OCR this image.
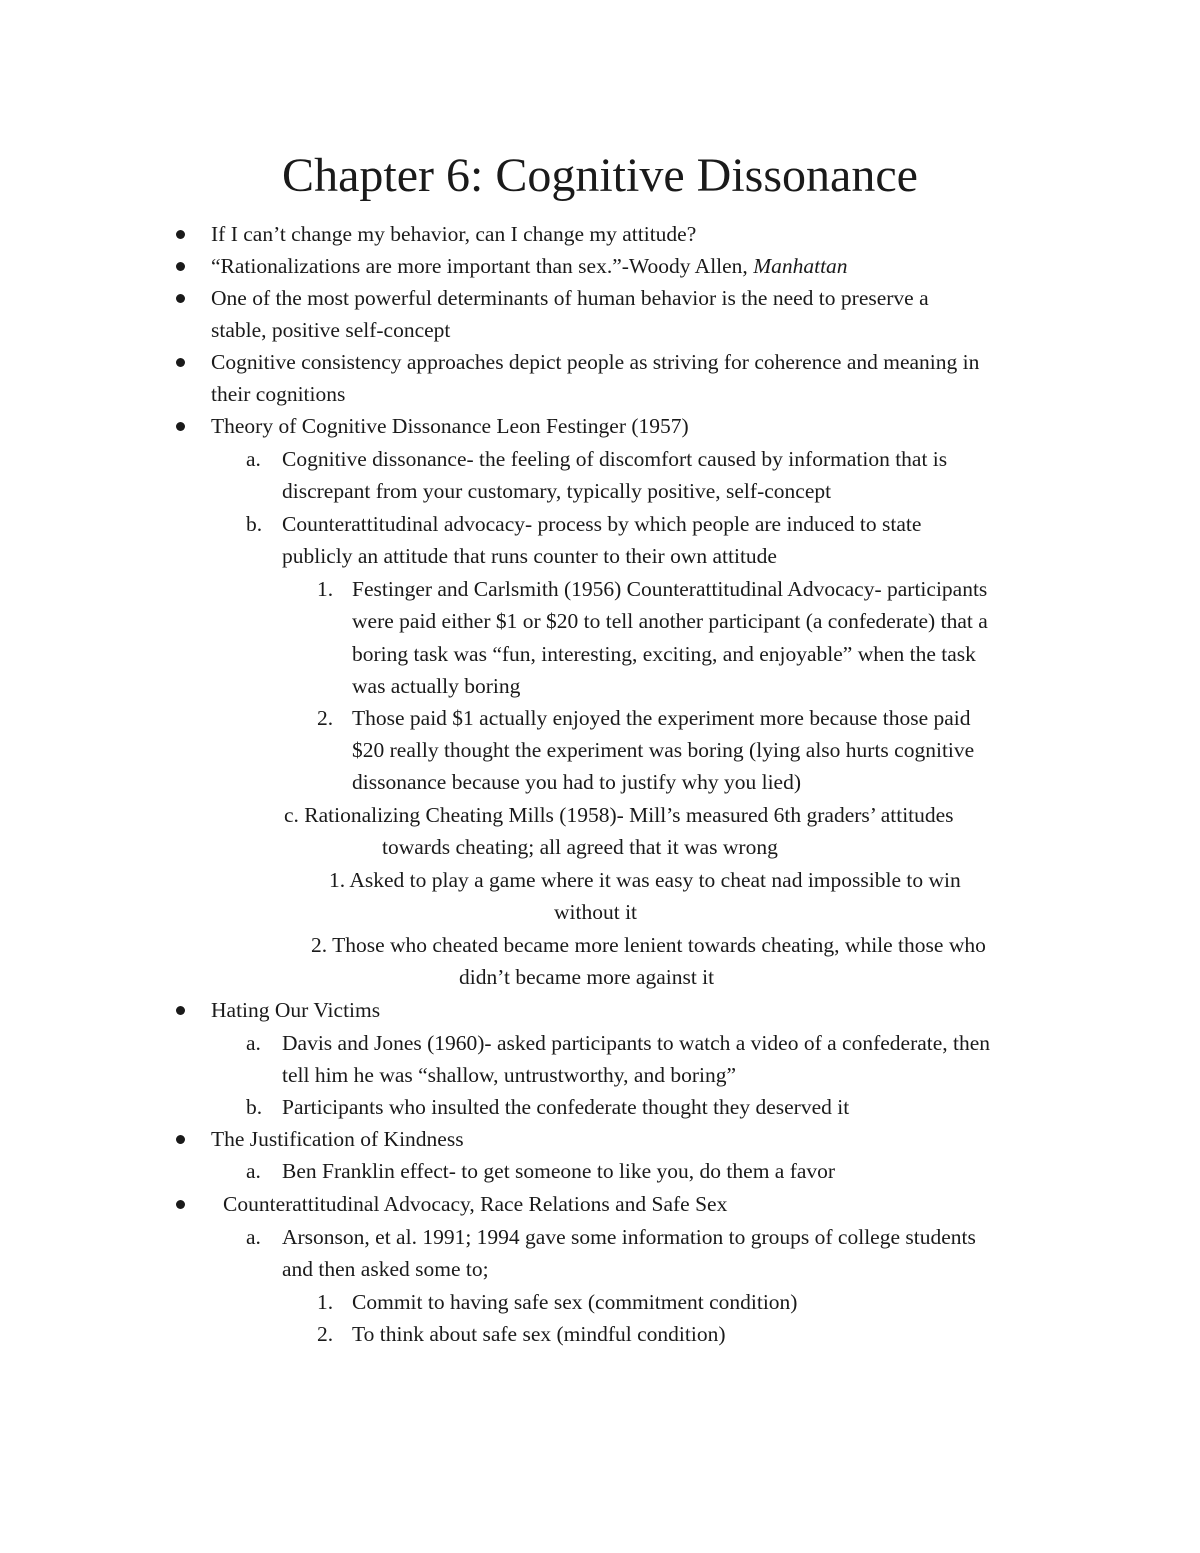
Chapter 6: Cognitive Dissonance
If I can’t change my behavior, can I change my attitude?
“Rationalizations are more important than sex.”-Woody Allen, Manhattan
One of the most powerful determinants of human behavior is the need to preserve a
stable, positive self-concept
Cognitive consistency approaches depict people as striving for coherence and meaning in
their cognitions
Theory of Cognitive Dissonance Leon Festinger (1957)
a. Cognitive dissonance- the feeling of discomfort caused by information that is
discrepant from your customary, typically positive, self-concept
b. Counterattitudinal advocacy- process by which people are induced to state
publicly an attitude that runs counter to their own attitude
1. Festinger and Carlsmith (1956) Counterattitudinal Advocacy- participants
were paid either $1 or $20 to tell another participant (a confederate) that a
boring task was “fun, interesting, exciting, and enjoyable” when the task
was actually boring
2. Those paid $1 actually enjoyed the experiment more because those paid
$20 really thought the experiment was boring (lying also hurts cognitive
dissonance because you had to justify why you lied)
c. Rationalizing Cheating Mills (1958)- Mill’s measured 6th graders’ attitudes
towards cheating; all agreed that it was wrong
1. Asked to play a game where it was easy to cheat nad impossible to win
without it
2. Those who cheated became more lenient towards cheating, while those who
didn’t became more against it
Hating Our Victims
a. Davis and Jones (1960)- asked participants to watch a video of a confederate, then
tell him he was “shallow, untrustworthy, and boring”
b. Participants who insulted the confederate thought they deserved it
The Justification of Kindness
a. Ben Franklin effect- to get someone to like you, do them a favor
Counterattitudinal Advocacy, Race Relations and Safe Sex
a. Arsonson, et al. 1991; 1994 gave some information to groups of college students
and then asked some to;
1. Commit to having safe sex (commitment condition)
2. To think about safe sex (mindful condition)
